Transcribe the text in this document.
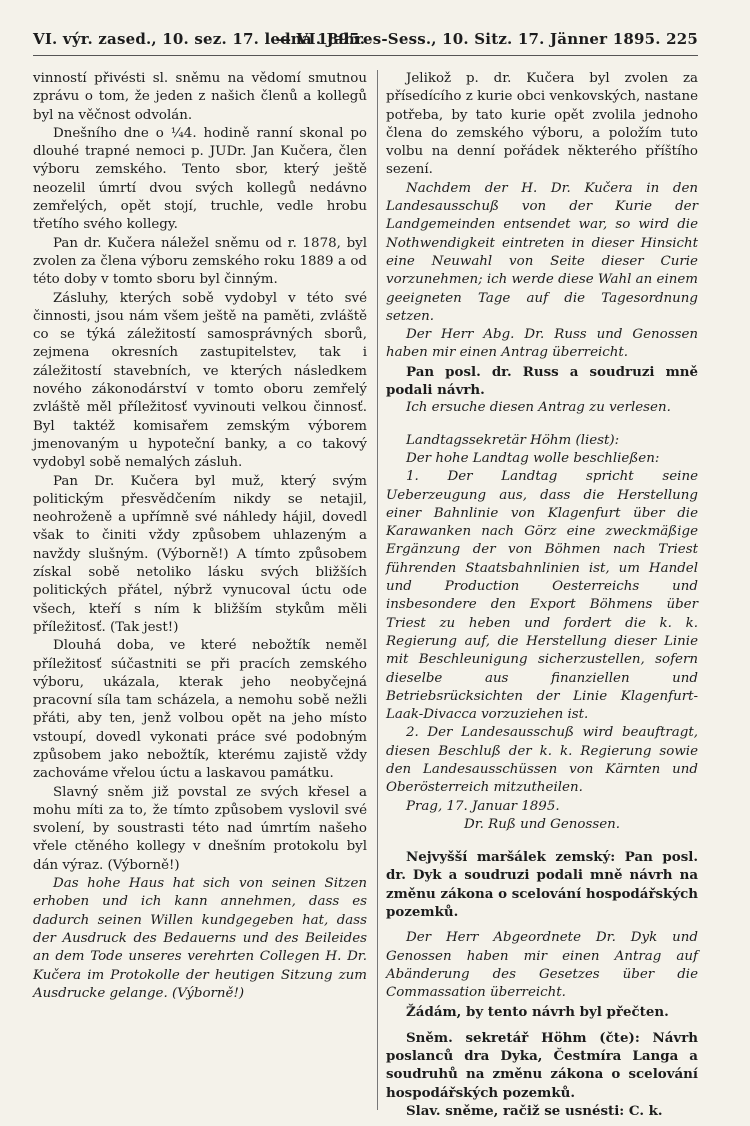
VI. výr. zased., 10. sez. 17. ledna 1895.
— VI. Jahres-Sess., 10. Sitz. 17. Jänner 1895. 225

vinností přivésti sl. sněmu na vědomí smutnou zprávu o tom, že jeden z našich členů a kollegů byl na věčnost odvolán.

Dnešního dne o ¼4. hodině ranní skonal po dlouhé trapné nemoci p. JUDr. Jan Kučera, člen výboru zemského. Tento sbor, který ještě neozelil úmrtí dvou svých kollegů nedávno zemřelých, opět stojí, truchle, vedle hrobu třetího svého kollegy.

Pan dr. Kučera náležel sněmu od r. 1878, byl zvolen za člena výboru zemského roku 1889 a od této doby v tomto sboru byl činným.

Zásluhy, kterých sobě vydobyl v této své činnosti, jsou nám všem ještě na paměti, zvláště co se týká záležitostí samosprávných sborů, zejmena okresních zastupitelstev, tak i záležitostí stavebních, ve kterých následkem nového zákonodárství v tomto oboru zemřelý zvláště měl příležitosť vyvinouti velkou činnosť. Byl taktéž komisařem zemským výborem jmenovaným u hypoteční banky, a co takový vydobyl sobě nemalých zásluh.

Pan Dr. Kučera byl muž, který svým politickým přesvědčením nikdy se netajil, neohroženě a upřímně své náhledy hájil, dovedl však to činiti vždy způsobem uhlazeným a navždy slušným. (Výborně!) A tímto způsobem získal sobě netoliko lásku svých bližších politických přátel, nýbrž vynucoval úctu ode všech, kteří s ním k bližším stykům měli příležitosť. (Tak jest!)

Dlouhá doba, ve které nebožtík neměl příležitosť súčastniti se při pracích zemského výboru, ukázala, kterak jeho neobyčejná pracovní síla tam scházela, a nemohu sobě nežli přáti, aby ten, jenž volbou opět na jeho místo vstoupí, dovedl vykonati práce své podobným způsobem jako nebožtík, kterému zajistě vždy zachováme vřelou úctu a laskavou památku.

Slavný sněm již povstal ze svých křesel a mohu míti za to, že tímto způsobem vyslovil své svolení, by soustrasti této nad úmrtím našeho vřele ctěného kollegy v dnešním protokolu byl dán výraz. (Výborně!)

Das hohe Haus hat sich von seinen Sitzen erhoben und ich kann annehmen, dass es dadurch seinen Willen kundgegeben hat, dass der Ausdruck des Bedauerns und des Beileides an dem Tode unseres verehrten Collegen H. Dr. Kučera im Protokolle der heutigen Sitzung zum Ausdrucke gelange. (Výborně!)

Jelikož p. dr. Kučera byl zvolen za přísedícího z kurie obci venkovských, nastane potřeba, by tato kurie opět zvolila jednoho člena do zemského výboru, a položím tuto volbu na denní pořádek některého příštího sezení.

Nachdem der H. Dr. Kučera in den Landesausschuß von der Kurie der Landgemeinden entsendet war, so wird die Nothwendigkeit eintreten in dieser Hinsicht eine Neuwahl von Seite dieser Curie vorzunehmen; ich werde diese Wahl an einem geeigneten Tage auf die Tagesordnung setzen.

Der Herr Abg. Dr. Russ und Genossen haben mir einen Antrag überreicht.

Pan posl. dr. Russ a soudruzi mně podali návrh.

Ich ersuche diesen Antrag zu verlesen.

Landtagssekretär Höhm (liest):

Der hohe Landtag wolle beschließen:

1. Der Landtag spricht seine Ueberzeugung aus, dass die Herstellung einer Bahnlinie von Klagenfurt über die Karawanken nach Görz eine zweckmäßige Ergänzung der von Böhmen nach Triest führenden Staatsbahnlinien ist, um Handel und Production Oesterreichs und insbesondere den Export Böhmens über Triest zu heben und fordert die k. k. Regierung auf, die Herstellung dieser Linie mit Beschleunigung sicherzustellen, sofern dieselbe aus finanziellen und Betriebsrücksichten der Linie Klagenfurt-Laak-Divacca vorzuziehen ist.

2. Der Landesausschuß wird beauftragt, diesen Beschluß der k. k. Regierung sowie den Landesausschüssen von Kärnten und Oberösterreich mitzutheilen.

Prag, 17. Januar 1895.

Dr. Ruß und Genossen.

Nejvyšší maršálek zemský: Pan posl. dr. Dyk a soudruzi podali mně návrh na změnu zákona o scelování hospodářských pozemků.

Der Herr Abgeordnete Dr. Dyk und Genossen haben mir einen Antrag auf Abänderung des Gesetzes über die Commassation überreicht.

Žádám, by tento návrh byl přečten.

Sněm. sekretář Höhm (čte): Návrh poslanců dra Dyka, Čestmíra Langa a soudruhů na změnu zákona o scelování hospodářských pozemků.

Slav. sněme, račiž se usnésti: C. k.
